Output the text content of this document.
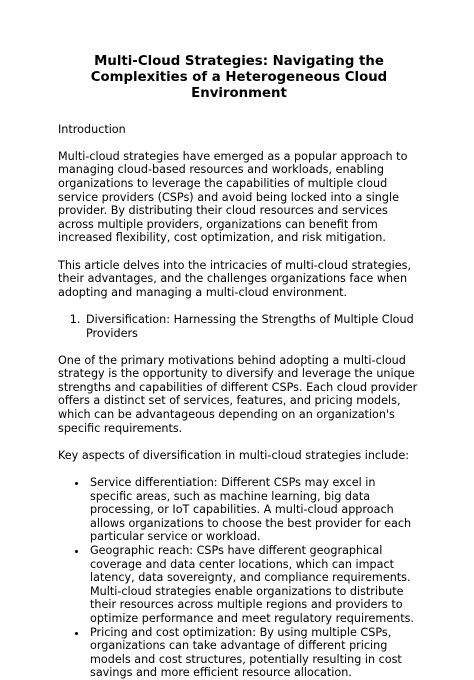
Multi-Cloud Strategies: Navigating the Complexities of a Heterogeneous Cloud Environment

Introduction

Multi-cloud strategies have emerged as a popular approach to managing cloud-based resources and workloads, enabling organizations to leverage the capabilities of multiple cloud service providers (CSPs) and avoid being locked into a single provider. By distributing their cloud resources and services across multiple providers, organizations can benefit from increased flexibility, cost optimization, and risk mitigation.

This article delves into the intricacies of multi-cloud strategies, their advantages, and the challenges organizations face when adopting and managing a multi-cloud environment.

1. Diversification: Harnessing the Strengths of Multiple Cloud Providers

One of the primary motivations behind adopting a multi-cloud strategy is the opportunity to diversify and leverage the unique strengths and capabilities of different CSPs. Each cloud provider offers a distinct set of services, features, and pricing models, which can be advantageous depending on an organization's specific requirements.

Key aspects of diversification in multi-cloud strategies include:

• Service differentiation: Different CSPs may excel in specific areas, such as machine learning, big data processing, or IoT capabilities. A multi-cloud approach allows organizations to choose the best provider for each particular service or workload.
• Geographic reach: CSPs have different geographical coverage and data center locations, which can impact latency, data sovereignty, and compliance requirements. Multi-cloud strategies enable organizations to distribute their resources across multiple regions and providers to optimize performance and meet regulatory requirements.
• Pricing and cost optimization: By using multiple CSPs, organizations can take advantage of different pricing models and cost structures, potentially resulting in cost savings and more efficient resource allocation.
